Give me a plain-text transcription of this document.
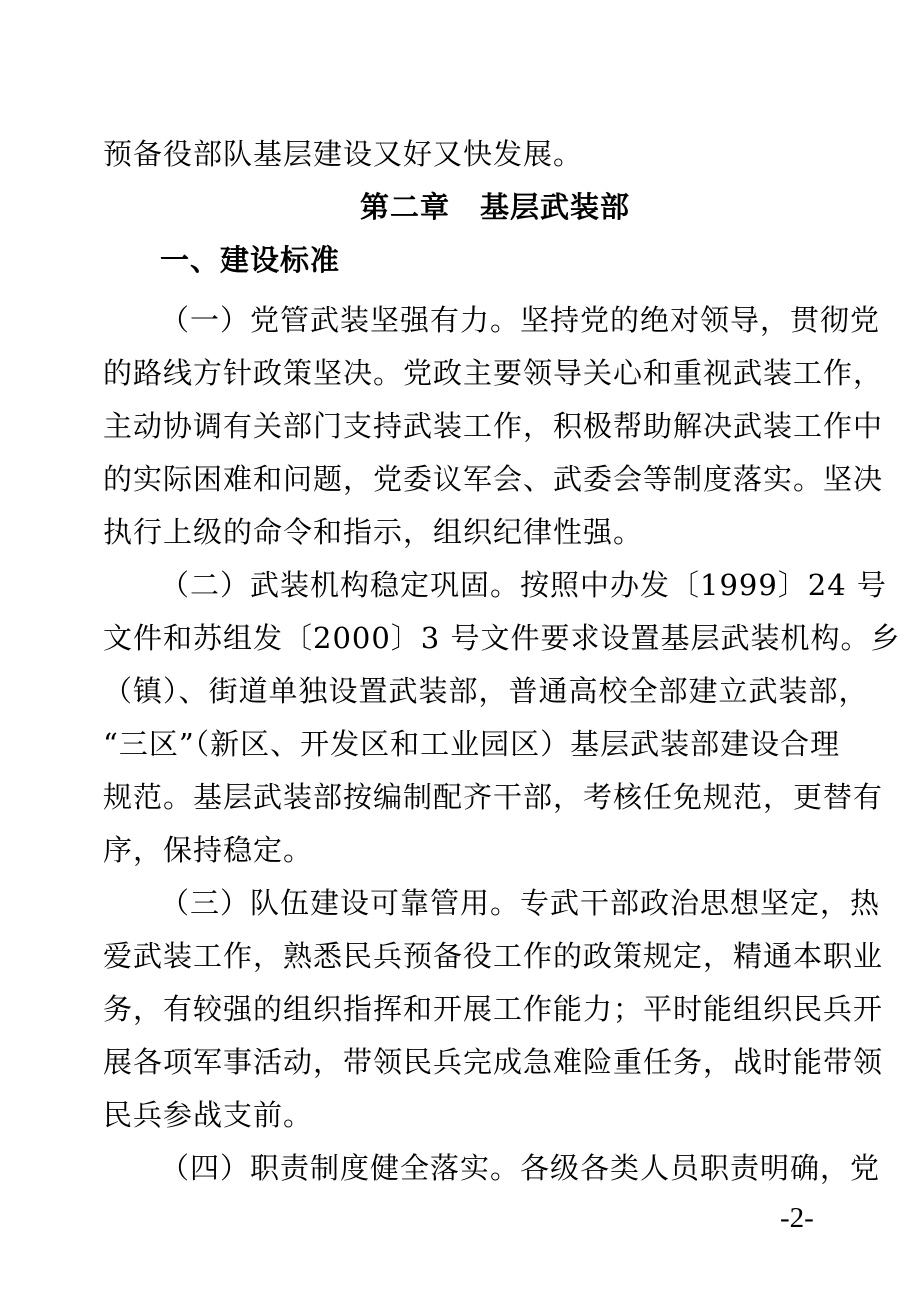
预备役部队基层建设又好又快发展。
第二章　基层武装部
一、建设标准
（一）党管武装坚强有力。坚持党的绝对领导，贯彻党
的路线方针政策坚决。党政主要领导关心和重视武装工作，
主动协调有关部门支持武装工作，积极帮助解决武装工作中
的实际困难和问题，党委议军会、武委会等制度落实。坚决
执行上级的命令和指示，组织纪律性强。
（二）武装机构稳定巩固。按照中办发〔1999〕24 号
文件和苏组发〔2000〕3 号文件要求设置基层武装机构。乡
（镇）、街道单独设置武装部，普通高校全部建立武装部，
“三区”（新区、开发区和工业园区）基层武装部建设合理
规范。基层武装部按编制配齐干部，考核任免规范，更替有
序，保持稳定。
（三）队伍建设可靠管用。专武干部政治思想坚定，热
爱武装工作，熟悉民兵预备役工作的政策规定，精通本职业
务，有较强的组织指挥和开展工作能力；平时能组织民兵开
展各项军事活动，带领民兵完成急难险重任务，战时能带领
民兵参战支前。
（四）职责制度健全落实。各级各类人员职责明确，党
-2-
